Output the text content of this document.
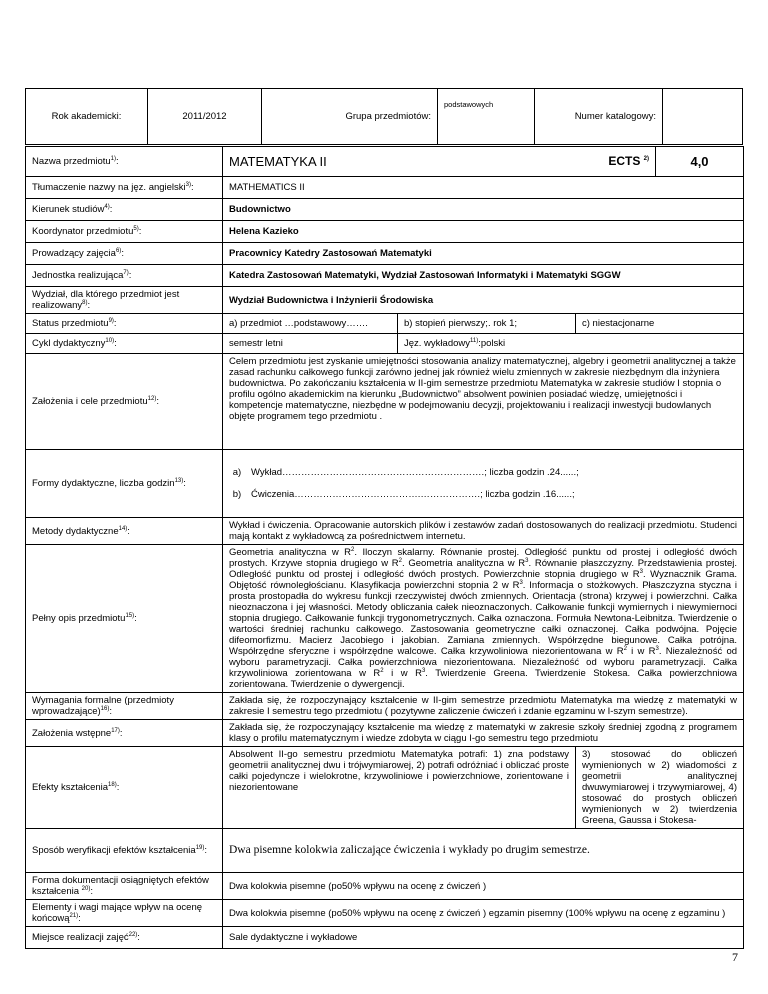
Rok akademicki:	2011/2012	Grupa przedmiotów:	podstawowych	Numer katalogowy:	
Nazwa przedmiotu$^{1)}$:	MATEMATYKA II ECTS $^{2)}$			4,0
Tłumaczenie nazwy na jęz. angielski$^{3)}$:	MATHEMATICS II			
Kierunek studiów$^{4)}$:	Budownictwo			
Koordynator przedmiotu$^{5)}$:	Helena Kazieko			
Prowadzący zajęcia$^{6)}$:	Pracownicy Katedry Zastosowań Matematyki			
Jednostka realizująca$^{7)}$:	Katedra Zastosowań Matematyki, Wydział Zastosowań Informatyki i Matematyki SGGW			
Wydział, dla którego przedmiot jest realizowany$^{8)}$:	Wydział Budownictwa i Inżynierii Środowiska			
Status przedmiotu$^{9)}$:	a) przedmiot …podstawowy…….	b) stopień pierwszy;. rok 1;	c) niestacjonarne	
Cykl dydaktyczny$^{10)}$:	semestr letni	Jęz. wykładowy$^{11)}$:polski		
Założenia i cele przedmiotu$^{12)}$:	Celem przedmiotu jest zyskanie umiejętności stosowania analizy matematycznej, algebry i geometrii analitycznej a także zasad rachunku całkowego funkcji zarówno jednej jak również wielu zmiennych w zakresie niezbędnym dla inżyniera budownictwa. Po zakończaniu kształcenia w II-gim semestrze przedmiotu Matematyka w zakresie studiów I stopnia o profilu ogólno akademickim na kierunku „Budownictwo” absolwent powinien posiadać wiedzę, umiejętności i kompetencje matematyczne, niezbędne w podejmowaniu decyzji, projektowaniu i realizacji inwestycji budowlanych objęte programem tego przedmiotu .			
Formy dydaktyczne, liczba godzin$^{13)}$:	a) Wykład……………………………………………………….; liczba godzin .24......;
b) Ćwiczenia………………………………….……………….; liczba godzin .16......;			

Metody dydaktyczne$^{14)}$:	Wykład i ćwiczenia. Opracowanie autorskich plików i zestawów zadań dostosowanych do realizacji przedmiotu. Studenci mają kontakt z wykładowcą za pośrednictwem internetu.			
Pełny opis przedmiotu$^{15)}$:	Geometria analityczna w $R^2$. Iloczyn skalarny. Równanie prostej. Odległość punktu od prostej i odległość dwóch prostych. Krzywe stopnia drugiego w $R^2$. Geometria analityczna w $R^3$. Równanie płaszczyzny. Przedstawienia prostej. Odległość punktu od prostej i odległość dwóch prostych. Powierzchnie stopnia drugiego w $R^3$. Wyznacznik Grama. Objętość równoległościanu. Klasyfikacja powierzchni stopnia 2 w $R^3$. Informacja o stożkowych. Płaszczyzna styczna i prosta prostopadła do wykresu funkcji rzeczywistej dwóch zmiennych. Orientacja (strona) krzywej i powierzchni. Całka nieoznaczona i jej własności. Metody obliczania całek nieoznaczonych. Całkowanie funkcji wymiernych i niewymiernoci stopnia drugiego. Całkowanie funkcji trygonometrycznych. Całka oznaczona. Formuła Newtona-Leibnitza. Twierdzenie o wartości średniej rachunku całkowego. Zastosowania geometryczne całki oznaczonej. Całka podwójna. Pojęcie difeomorfizmu. Macierz Jacobiego i jakobian. Zamiana zmiennych. Współrzędne biegunowe. Całka potrójna. Współrzędne sferyczne i współrzędne walcowe. Całka krzywoliniowa niezorientowana w $R^2$ i w $R^3$. Niezależność od wyboru parametryzacji. Całka powierzchniowa niezorientowana. Niezależność od wyboru parametryzacji. Całka krzywoliniowa zorientowana w $R^2$ i w $R^3$. Twierdzenie Greena. Twierdzenie Stokesa. Całka powierzchniowa zorientowana. Twierdzenie o dywergencji.			
Wymagania formalne (przedmioty wprowadzające)$^{16)}$:	Zakłada się, że rozpoczynający kształcenie w II-gim semestrze przedmiotu Matematyka ma wiedzę z matematyki w zakresie I semestru tego przedmiotu ( pozytywne zaliczenie ćwiczeń i zdanie egzaminu w I-szym semestrze).			
Założenia wstępne$^{17)}$:	Zakłada się, że rozpoczynający kształcenie ma wiedzę z matematyki w zakresie szkoły średniej zgodną z programem klasy o profilu matematycznym i wiedze zdobyta w ciągu I-go semestru tego przedmiotu			
Efekty kształcenia$^{18)}$:	Absolwent II-go semestru przedmiotu Matematyka potrafi: 1) zna podstawy geometrii analitycznej dwu i trójwymiarowej, 2) potrafi odróżniać i obliczać proste całki pojedyncze i wielokrotne, krzywoliniowe i powierzchniowe, zorientowane i niezorientowane		3) stosować do obliczeń wymienionych w 2) wiadomości z geometrii analitycznej dwuwymiarowej i trzywymiarowej, 4) stosować do prostych obliczeń wymienionych w 2) twierdzenia Greena, Gaussa i Stokesa-	
Sposób weryfikacji efektów kształcenia$^{19)}$:	Dwa pisemne kolokwia zaliczające ćwiczenia i wykłady po drugim semestrze.			
Forma dokumentacji osiągniętych efektów kształcenia $^{20)}$:	Dwa kolokwia pisemne (po50% wpływu na ocenę z ćwiczeń )			
Elementy i wagi mające wpływ na ocenę końcową$^{21)}$:	Dwa kolokwia pisemne (po50% wpływu na ocenę z ćwiczeń ) egzamin pisemny (100% wpływu na ocenę z egzaminu )			
Miejsce realizacji zajęć$^{22)}$:	Sale dydaktyczne i wykładowe			
7
